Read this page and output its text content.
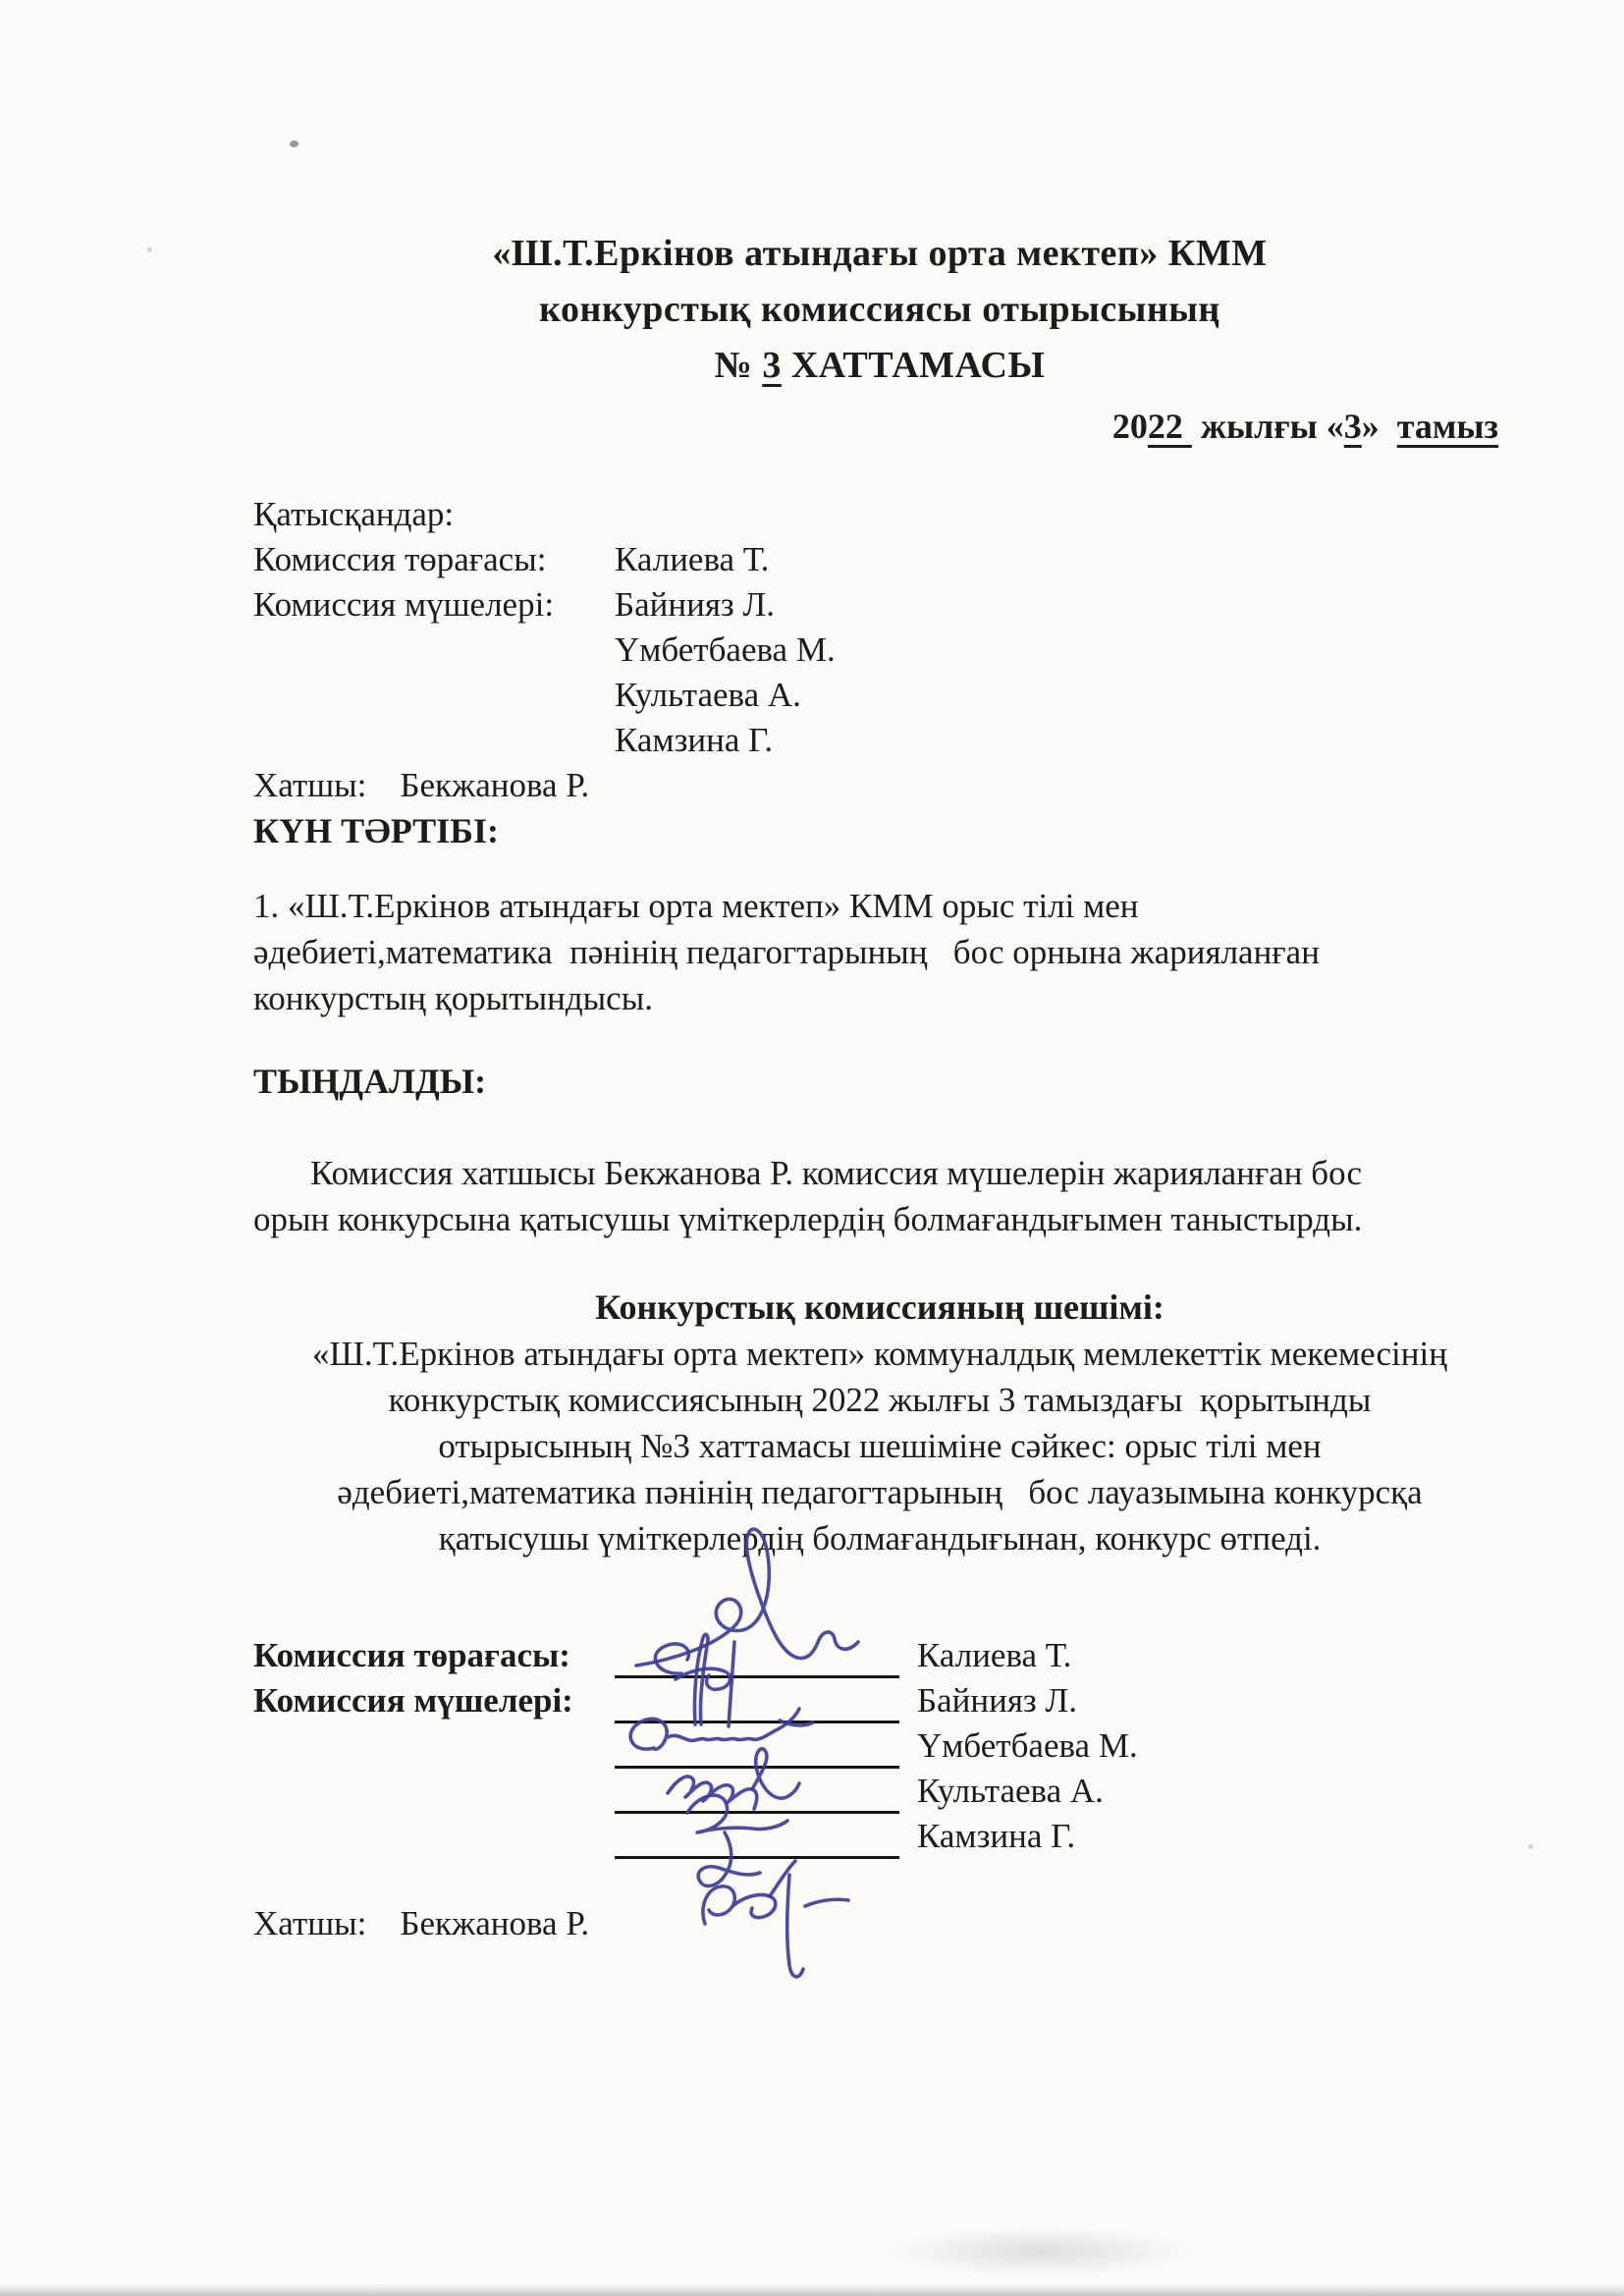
«Ш.Т.Еркінов атындағы орта мектеп» КММ
конкурстық комиссиясы отырысының
№ 3 ХАТТАМАСЫ
2022  жылғы «3»  тамыз
Қатысқандар:
Комиссия төрағасы:	Калиева Т.
Комиссия мүшелері:	Байнияз Л.
Үмбетбаева М.
Культаева А.
Камзина Г.
Хатшы: Бекжанова Р.
КҮН ТӘРТІБІ:
1. «Ш.Т.Еркінов атындағы орта мектеп» КММ орыс тілі мен
әдебиеті,математика  пәнінің педагогтарының   бос орнына жарияланған
конкурстың қорытындысы.
ТЫҢДАЛДЫ:
Комиссия хатшысы Бекжанова Р. комиссия мүшелерін жарияланған бос
орын конкурсына қатысушы үміткерлердің болмағандығымен таныстырды.
Конкурстық комиссияның шешімі:
«Ш.Т.Еркінов атындағы орта мектеп» коммуналдық мемлекеттік мекемесінің
конкурстық комиссиясының 2022 жылғы 3 тамыздағы  қорытынды
отырысының №3 хаттамасы шешіміне сәйкес: орыс тілі мен
әдебиеті,математика пәнінің педагогтарының   бос лауазымына конкурсқа
қатысушы үміткерлердің болмағандығынан, конкурс өтпеді.
Комиссия төрағасы:	Калиева Т.
Комиссия мүшелері:	Байнияз Л.
Үмбетбаева М.
Культаева А.
Камзина Г.
Хатшы: Бекжанова Р.
